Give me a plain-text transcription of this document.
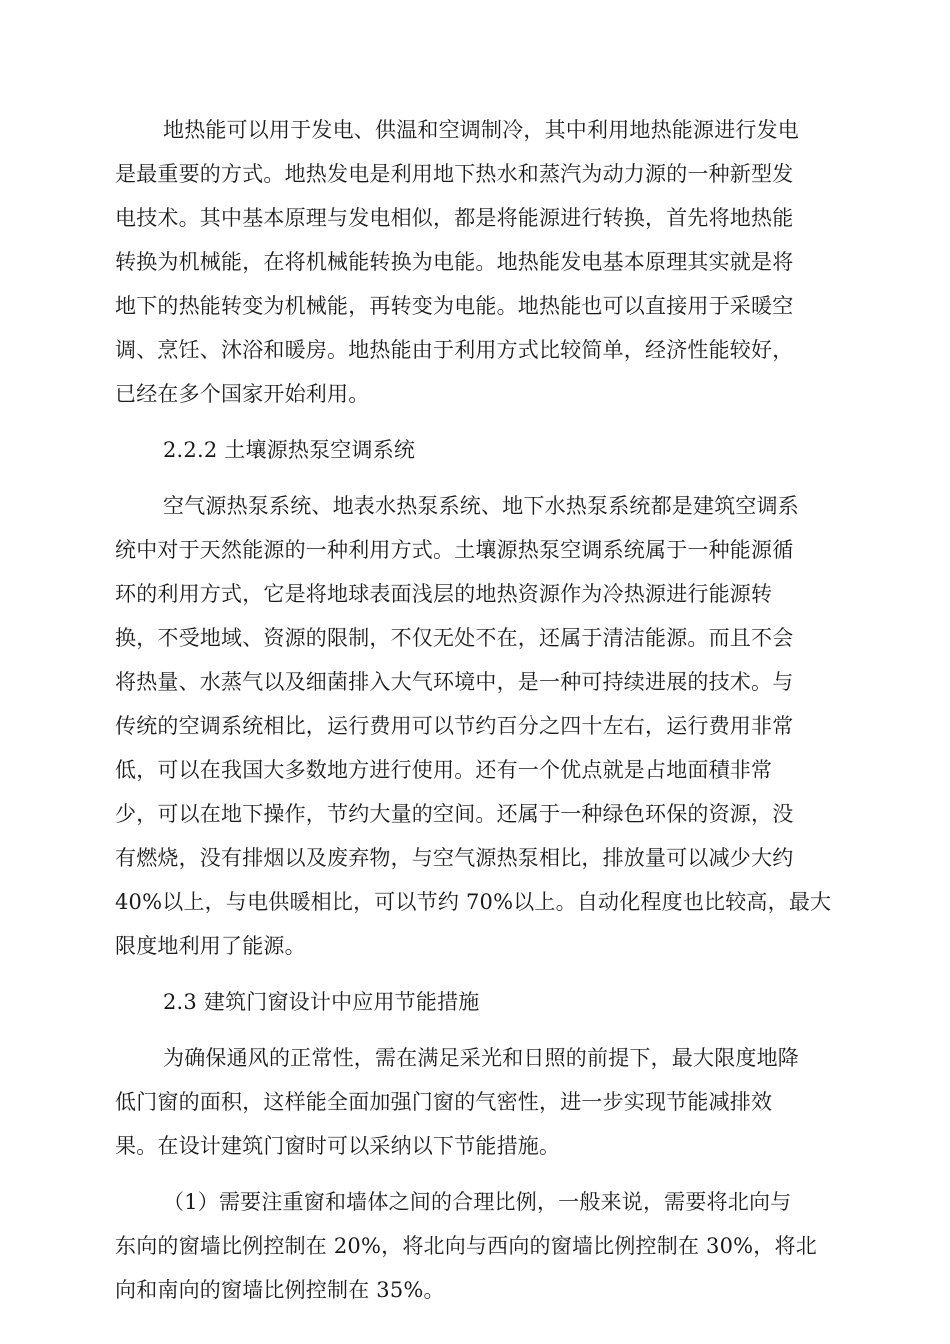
地热能可以用于发电、供温和空调制冷，其中利用地热能源进行发电
是最重要的方式。地热发电是利用地下热水和蒸汽为动力源的一种新型发
电技术。其中基本原理与发电相似，都是将能源进行转换，首先将地热能
转换为机械能，在将机械能转换为电能。地热能发电基本原理其实就是将
地下的热能转变为机械能，再转变为电能。地热能也可以直接用于采暖空
调、烹饪、沐浴和暖房。地热能由于利用方式比较简单，经济性能较好，
已经在多个国家开始利用。
2.2.2 土壤源热泵空调系统
空气源热泵系统、地表水热泵系统、地下水热泵系统都是建筑空调系
统中对于天然能源的一种利用方式。土壤源热泵空调系统属于一种能源循
环的利用方式，它是将地球表面浅层的地热资源作为冷热源进行能源转
换，不受地域、资源的限制，不仅无处不在，还属于清洁能源。而且不会
将热量、水蒸气以及细菌排入大气环境中，是一种可持续进展的技术。与
传统的空调系统相比，运行费用可以节约百分之四十左右，运行费用非常
低，可以在我国大多数地方进行使用。还有一个优点就是占地面積非常
少，可以在地下操作，节约大量的空间。还属于一种绿色环保的资源，没
有燃烧，没有排烟以及废弃物，与空气源热泵相比，排放量可以减少大约
40%以上，与电供暖相比，可以节约 70%以上。自动化程度也比较高，最大
限度地利用了能源。
2.3 建筑门窗设计中应用节能措施
为确保通风的正常性，需在满足采光和日照的前提下，最大限度地降
低门窗的面积，这样能全面加强门窗的气密性，进一步实现节能减排效
果。在设计建筑门窗时可以采纳以下节能措施。
（1）需要注重窗和墙体之间的合理比例，一般来说，需要将北向与
东向的窗墙比例控制在 20%，将北向与西向的窗墙比例控制在 30%，将北
向和南向的窗墙比例控制在 35%。
